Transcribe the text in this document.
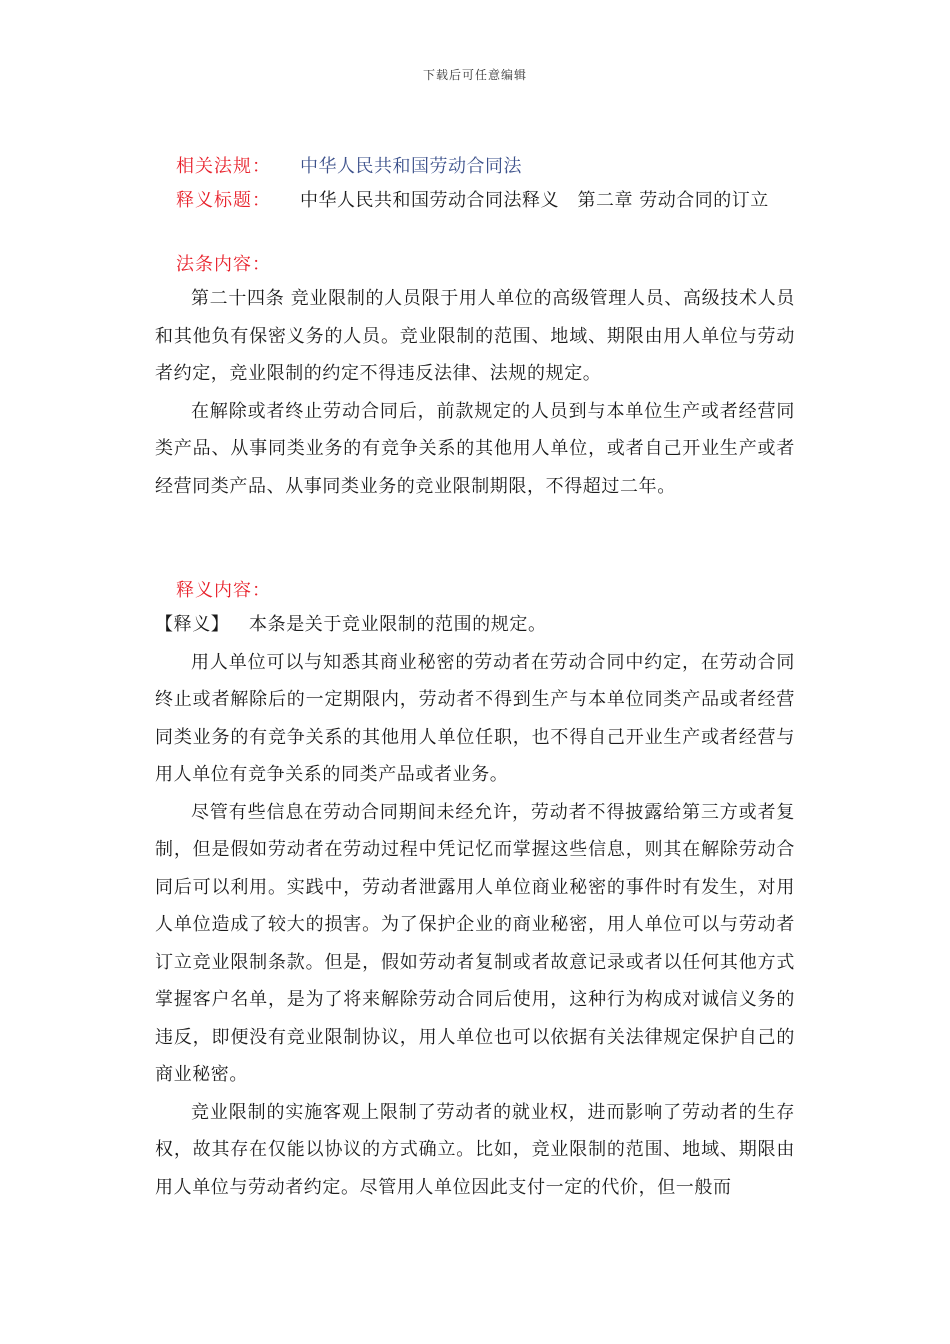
下载后可任意编辑
相关法规： 中华人民共和国劳动合同法
释义标题： 中华人民共和国劳动合同法释义　第二章 劳动合同的订立
法条内容：

第二十四条 竞业限制的人员限于用人单位的高级管理人员、高级技术人员和其他负有保密义务的人员。竞业限制的范围、地域、期限由用人单位与劳动者约定，竞业限制的约定不得违反法律、法规的规定。

在解除或者终止劳动合同后，前款规定的人员到与本单位生产或者经营同类产品、从事同类业务的有竞争关系的其他用人单位，或者自己开业生产或者经营同类产品、从事同类业务的竞业限制期限，不得超过二年。

释义内容：
【释义】 本条是关于竞业限制的范围的规定。

用人单位可以与知悉其商业秘密的劳动者在劳动合同中约定，在劳动合同终止或者解除后的一定期限内，劳动者不得到生产与本单位同类产品或者经营同类业务的有竞争关系的其他用人单位任职，也不得自己开业生产或者经营与用人单位有竞争关系的同类产品或者业务。

尽管有些信息在劳动合同期间未经允许，劳动者不得披露给第三方或者复制，但是假如劳动者在劳动过程中凭记忆而掌握这些信息，则其在解除劳动合同后可以利用。实践中，劳动者泄露用人单位商业秘密的事件时有发生，对用人单位造成了较大的损害。为了保护企业的商业秘密，用人单位可以与劳动者订立竞业限制条款。但是，假如劳动者复制或者故意记录或者以任何其他方式掌握客户名单，是为了将来解除劳动合同后使用，这种行为构成对诚信义务的违反，即便没有竞业限制协议，用人单位也可以依据有关法律规定保护自己的商业秘密。

竞业限制的实施客观上限制了劳动者的就业权，进而影响了劳动者的生存权，故其存在仅能以协议的方式确立。比如，竞业限制的范围、地域、期限由用人单位与劳动者约定。尽管用人单位因此支付一定的代价，但一般而
